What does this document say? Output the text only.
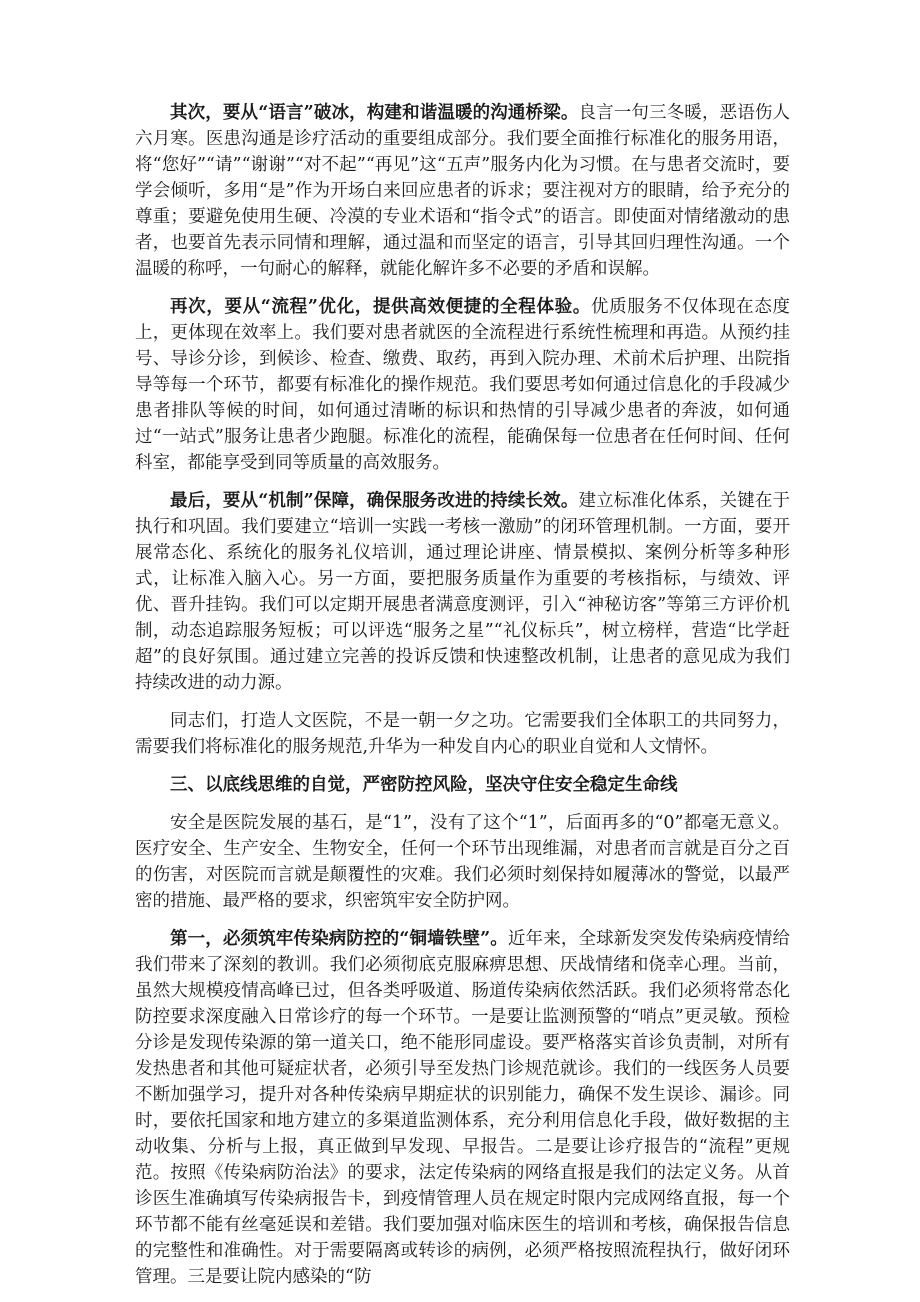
其次，要从“语言”破冰，构建和谐温暖的沟通桥梁。良言一句三冬暖，恶语伤人六月寒。医患沟通是诊疗活动的重要组成部分。我们要全面推行标准化的服务用语，将“您好”“请”“谢谢”“对不起”“再见”这“五声”服务内化为习惯。在与患者交流时，要学会倾听，多用“是”作为开场白来回应患者的诉求；要注视对方的眼睛，给予充分的尊重；要避免使用生硬、冷漠的专业术语和“指令式”的语言。即使面对情绪激动的患者，也要首先表示同情和理解，通过温和而坚定的语言，引导其回归理性沟通。一个温暖的称呼，一句耐心的解释，就能化解许多不必要的矛盾和误解。

再次，要从“流程”优化，提供高效便捷的全程体验。优质服务不仅体现在态度上，更体现在效率上。我们要对患者就医的全流程进行系统性梳理和再造。从预约挂号、导诊分诊，到候诊、检查、缴费、取药，再到入院办理、术前术后护理、出院指导等每一个环节，都要有标准化的操作规范。我们要思考如何通过信息化的手段减少患者排队等候的时间，如何通过清晰的标识和热情的引导减少患者的奔波，如何通过“一站式”服务让患者少跑腿。标准化的流程，能确保每一位患者在任何时间、任何科室，都能享受到同等质量的高效服务。

最后，要从“机制”保障，确保服务改进的持续长效。建立标准化体系，关键在于执行和巩固。我们要建立“培训一实践一考核一激励”的闭环管理机制。一方面，要开展常态化、系统化的服务礼仪培训，通过理论讲座、情景模拟、案例分析等多种形式，让标准入脑入心。另一方面，要把服务质量作为重要的考核指标，与绩效、评优、晋升挂钩。我们可以定期开展患者满意度测评，引入“神秘访客”等第三方评价机制，动态追踪服务短板；可以评选“服务之星”“礼仪标兵”，树立榜样，营造“比学赶超”的良好氛围。通过建立完善的投诉反馈和快速整改机制，让患者的意见成为我们持续改进的动力源。

同志们，打造人文医院，不是一朝一夕之功。它需要我们全体职工的共同努力，需要我们将标准化的服务规范,升华为一种发自内心的职业自觉和人文情怀。

三、以底线思维的自觉，严密防控风险，坚决守住安全稳定生命线

安全是医院发展的基石，是“1”，没有了这个“1”，后面再多的“0”都毫无意义。医疗安全、生产安全、生物安全，任何一个环节出现维漏，对患者而言就是百分之百的伤害，对医院而言就是颠覆性的灾难。我们必须时刻保持如履薄冰的警觉，以最严密的措施、最严格的要求，织密筑牢安全防护网。

第一，必须筑牢传染病防控的“铜墙铁壁”。近年来，全球新发突发传染病疫情给我们带来了深刻的教训。我们必须彻底克服麻痹思想、厌战情绪和侥幸心理。当前，虽然大规模疫情高峰已过，但各类呼吸道、肠道传染病依然活跃。我们必须将常态化防控要求深度融入日常诊疗的每一个环节。一是要让监测预警的“哨点”更灵敏。预检分诊是发现传染源的第一道关口，绝不能形同虚设。要严格落实首诊负责制，对所有发热患者和其他可疑症状者，必须引导至发热门诊规范就诊。我们的一线医务人员要不断加强学习，提升对各种传染病早期症状的识别能力，确保不发生误诊、漏诊。同时，要依托国家和地方建立的多渠道监测体系，充分利用信息化手段，做好数据的主动收集、分析与上报，真正做到早发现、早报告。二是要让诊疗报告的“流程”更规范。按照《传染病防治法》的要求，法定传染病的网络直报是我们的法定义务。从首诊医生准确填写传染病报告卡，到疫情管理人员在规定时限内完成网络直报，每一个环节都不能有丝毫延误和差错。我们要加强对临床医生的培训和考核，确保报告信息的完整性和准确性。对于需要隔离或转诊的病例，必须严格按照流程执行，做好闭环管理。三是要让院内感染的“防
